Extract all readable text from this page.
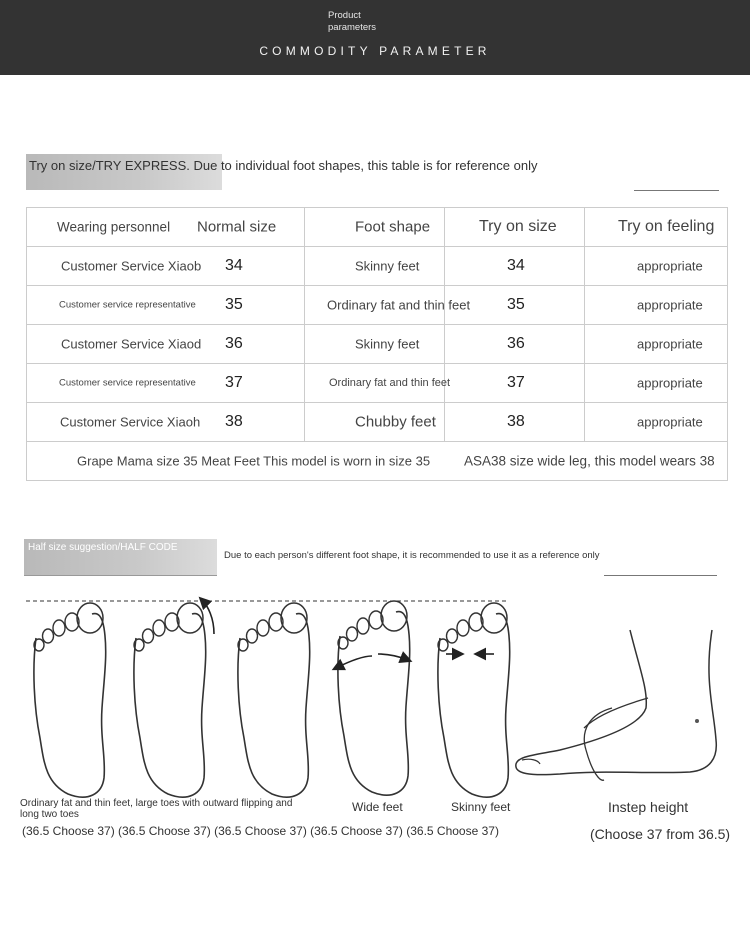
Product
parameters
COMMODITY PARAMETER
Try on size/TRY EXPRESS. Due to individual foot shapes, this table is for reference only
Wearing personnel Normal size	Foot shape	Try on size	Try on feeling

Customer Service Xiaob 34	Skinny feet	34	appropriate

Customer service representative 35	Ordinary fat and thin feet	35	appropriate

Customer Service Xiaod 36	Skinny feet	36	appropriate

Customer service representative 37	Ordinary fat and thin feet	37	appropriate

Customer Service Xiaoh 38	Chubby feet	38	appropriate

Grape Mama size 35 Meat Feet This model is worn in size 35 ASA38 size wide leg, this model wears 38			
Half size suggestion/HALF CODE
Due to each person's different foot shape, it is recommended to use it as a reference only
Ordinary fat and thin feet, large toes with outward flipping and long two toes
Wide feet	Skinny feet	Instep height
(36.5 Choose 37) (36.5 Choose 37) (36.5 Choose 37) (36.5 Choose 37) (36.5 Choose 37)	(Choose 37 from 36.5)
